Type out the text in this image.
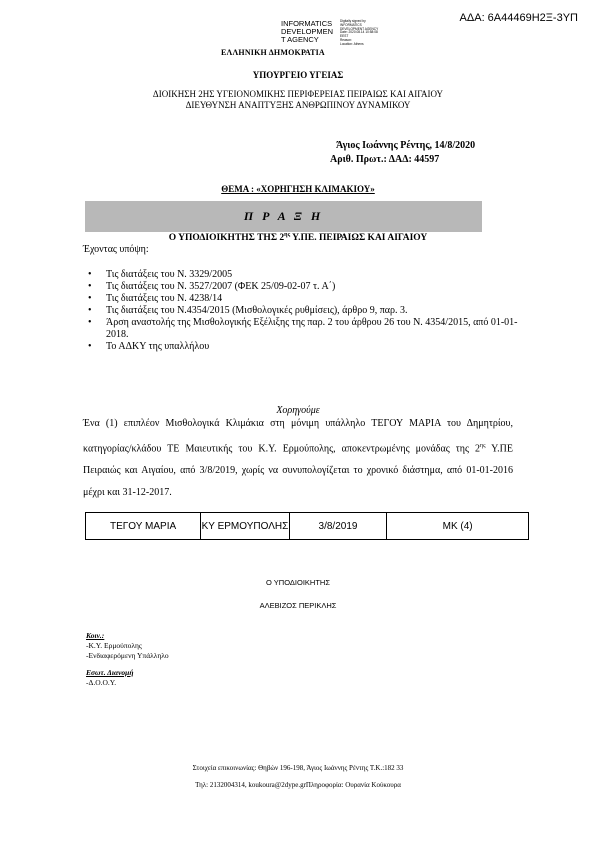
ΑΔΑ: 6Α44469Η2Ξ-3ΥΠ
INFORMATICS
DEVELOPMEN
T AGENCY
Digitally signed by
INFORMATICS
DEVELOPMENT AGENCY
Date: 2020.08.14 10:58:08
EEST
Reason:
Location: Athens
ΕΛΛΗΝΙΚΗ ΔΗΜΟΚΡΑΤΙΑ
ΥΠΟΥΡΓΕΙΟ ΥΓΕΙΑΣ
ΔΙΟΙΚΗΣΗ 2ΗΣ ΥΓΕΙΟΝΟΜΙΚΗΣ ΠΕΡΙΦΕΡΕΙΑΣ ΠΕΙΡΑΙΩΣ ΚΑΙ ΑΙΓΑΙΟΥ
ΔΙΕΥΘΥΝΣΗ ΑΝΑΠΤΥΞΗΣ ΑΝΘΡΩΠΙΝΟΥ ΔΥΝΑΜΙΚΟΥ
Άγιος Ιωάννης Ρέντης, 14/8/2020
Αριθ. Πρωτ.: ΔΑΔ: 44597
ΘΕΜΑ : «ΧΟΡΗΓΗΣΗ ΚΛΙΜΑΚΙΟΥ»
Π Ρ Α Ξ Η
Ο ΥΠΟΔΙΟΙΚΗΤΗΣ ΤΗΣ $2^{\eta\varsigma}$ Υ.ΠΕ. ΠΕΙΡΑΙΩΣ ΚΑΙ ΑΙΓΑΙΟΥ
Έχοντας υπόψη:
• Τις διατάξεις του Ν. 3329/2005
• Τις διατάξεις του Ν. 3527/2007 (ΦΕΚ 25/09-02-07 τ. Α΄)
• Τις διατάξεις του Ν. 4238/14
• Τις διατάξεις του Ν.4354/2015 (Μισθολογικές ρυθμίσεις), άρθρο 9, παρ. 3.
• Άρση αναστολής της Μισθολογικής Εξέλιξης της παρ. 2 του άρθρου 26 του Ν. 4354/2015, από 01-01-2018.
• Το ΑΔΚΥ της υπαλλήλου
Χορηγούμε
Ένα (1) επιπλέον Μισθολογικά Κλιμάκια στη μόνιμη υπάλληλο ΤΕΓΟΥ ΜΑΡΙΑ του Δημητρίου, κατηγορίας/κλάδου ΤΕ Μαιευτικής του Κ.Υ. Ερμούπολης, αποκεντρωμένης μονάδας της $2^{\eta\varsigma}$ Υ.ΠΕ Πειραιώς και Αιγαίου, από 3/8/2019, χωρίς να συνυπολογίζεται το χρονικό διάστημα, από 01-01-2016 μέχρι και 31-12-2017.
ΤΕΓΟΥ ΜΑΡΙΑ	ΚΥ ΕΡΜΟΥΠΟΛΗΣ	3/8/2019	ΜΚ (4)
Ο ΥΠΟΔΙΟΙΚΗΤΗΣ
ΑΛΕΒΙΖΟΣ ΠΕΡΙΚΛΗΣ
Κοιν.:
-Κ.Υ. Ερμούπολης
-Ενδιαφερόμενη Υπάλληλο
Εσωτ. Διανομή
-Δ.Ο.Ο.Υ.
Στοιχεία επικοινωνίας: Θηβών 196-198, Άγιος Ιωάννης Ρέντης Τ.Κ.:182 33
Τηλ: 2132004314, koukoura@2dype.grΠληροφορία: Ουρανία Κούκουρα
